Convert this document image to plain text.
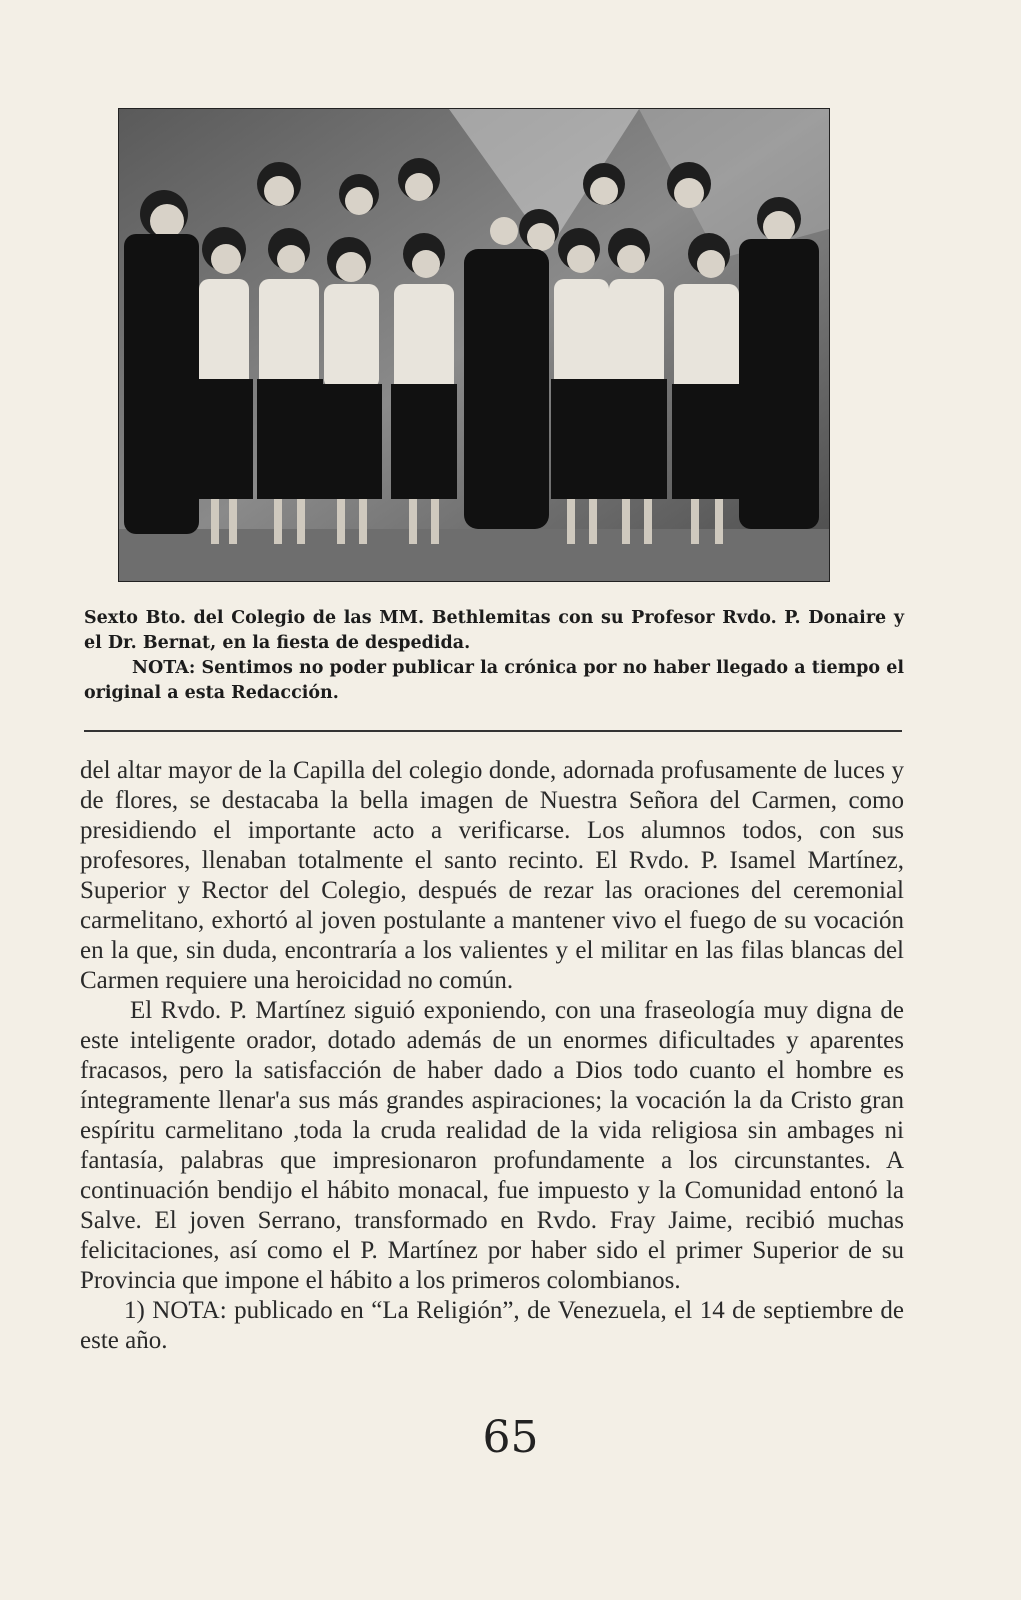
Sexto Bto. del Colegio de las MM. Bethlemitas con su Profesor Rvdo. P. Donaire y el Dr. Bernat, en la fiesta de despedida.

NOTA: Sentimos no poder publicar la crónica por no haber llegado a tiempo el original a esta Redacción.

del altar mayor de la Capilla del colegio donde, adornada profusamente de luces y de flores, se destacaba la bella imagen de Nuestra Señora del Carmen, como presidiendo el importante acto a verificarse. Los alumnos todos, con sus profesores, llenaban totalmente el santo recinto. El Rvdo. P. Isamel Martínez, Superior y Rector del Colegio, después de rezar las oraciones del ceremonial carmelitano, exhortó al joven postulante a mantener vivo el fuego de su vocación en la que, sin duda, encontraría a los valientes y el militar en las filas blancas del Carmen requiere una heroicidad no común.

El Rvdo. P. Martínez siguió exponiendo, con una fraseología muy digna de este inteligente orador, dotado además de un enormes dificultades y aparentes fracasos, pero la satisfacción de haber dado a Dios todo cuanto el hombre es íntegramente llenar'a sus más grandes aspiraciones; la vocación la da Cristo gran espíritu carmelitano ,toda la cruda realidad de la vida religiosa sin ambages ni fantasía, palabras que impresionaron profundamente a los circunstantes. A continuación bendijo el hábito monacal, fue impuesto y la Comunidad entonó la Salve. El joven Serrano, transformado en Rvdo. Fray Jaime, recibió muchas felicitaciones, así como el P. Martínez por haber sido el primer Superior de su Provincia que impone el hábito a los primeros colombianos.

1) NOTA: publicado en “La Religión”, de Venezuela, el 14 de septiembre de este año.

65
